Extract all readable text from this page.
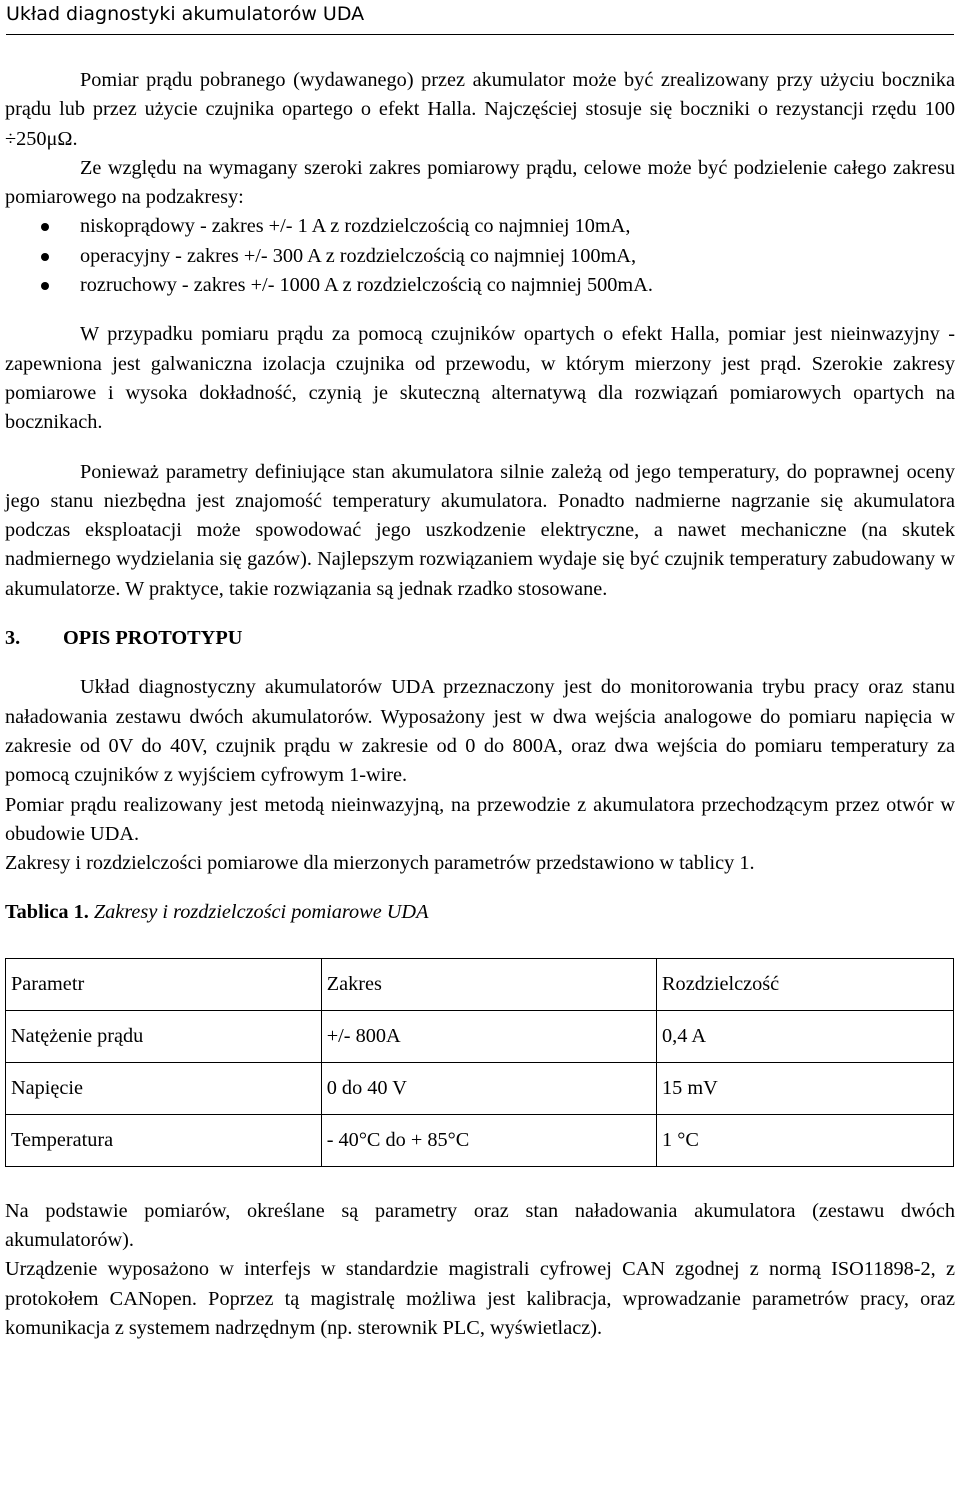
Układ diagnostyki akumulatorów UDA

Pomiar prądu pobranego (wydawanego) przez akumulator może być zrealizowany przy użyciu bocznika prądu lub przez użycie czujnika opartego o efekt Halla. Najczęściej stosuje się boczniki o rezystancji rzędu 100 ÷250μΩ.

Ze względu na wymagany szeroki zakres pomiarowy prądu, celowe może być podzielenie całego zakresu pomiarowego na podzakresy:

niskoprądowy - zakres +/- 1 A z rozdzielczością co najmniej 10mA,
operacyjny - zakres +/- 300 A z rozdzielczością co najmniej 100mA,
rozruchowy - zakres +/- 1000 A z rozdzielczością co najmniej 500mA.

W przypadku pomiaru prądu za pomocą czujników opartych o efekt Halla, pomiar jest nieinwazyjny - zapewniona jest galwaniczna izolacja czujnika od przewodu, w którym mierzony jest prąd. Szerokie zakresy pomiarowe i wysoka dokładność, czynią je skuteczną alternatywą dla rozwiązań pomiarowych opartych na bocznikach.

Ponieważ parametry definiujące stan akumulatora silnie zależą od jego temperatury, do poprawnej oceny jego stanu niezbędna jest znajomość temperatury akumulatora. Ponadto nadmierne nagrzanie się akumulatora podczas eksploatacji może spowodować jego uszkodzenie elektryczne, a nawet mechaniczne (na skutek nadmiernego wydzielania się gazów). Najlepszym rozwiązaniem wydaje się być czujnik temperatury zabudowany w akumulatorze. W praktyce, takie rozwiązania są jednak rzadko stosowane.

3. OPIS PROTOTYPU

Układ diagnostyczny akumulatorów UDA przeznaczony jest do monitorowania trybu pracy oraz stanu naładowania zestawu dwóch akumulatorów. Wyposażony jest w dwa wejścia analogowe do pomiaru napięcia w zakresie od 0V do 40V, czujnik prądu w zakresie od 0 do 800A, oraz dwa wejścia do pomiaru temperatury za pomocą czujników z wyjściem cyfrowym 1-wire.

Pomiar prądu realizowany jest metodą nieinwazyjną, na przewodzie z akumulatora przechodzącym przez otwór w obudowie UDA.

Zakresy i rozdzielczości pomiarowe dla mierzonych parametrów przedstawiono w tablicy 1.

Tablica 1. Zakresy i rozdzielczości pomiarowe UDA

Parametr	Zakres	Rozdzielczość
Natężenie prądu	+/- 800A	0,4 A
Napięcie	0 do 40 V	15 mV
Temperatura	- 40°C do + 85°C	1 °C

Na podstawie pomiarów, określane są parametry oraz stan naładowania akumulatora (zestawu dwóch akumulatorów).

Urządzenie wyposażono w interfejs w standardzie magistrali cyfrowej CAN zgodnej z normą ISO11898-2, z protokołem CANopen. Poprzez tą magistralę możliwa jest kalibracja, wprowadzanie parametrów pracy, oraz komunikacja z systemem nadrzędnym (np. sterownik PLC, wyświetlacz).
